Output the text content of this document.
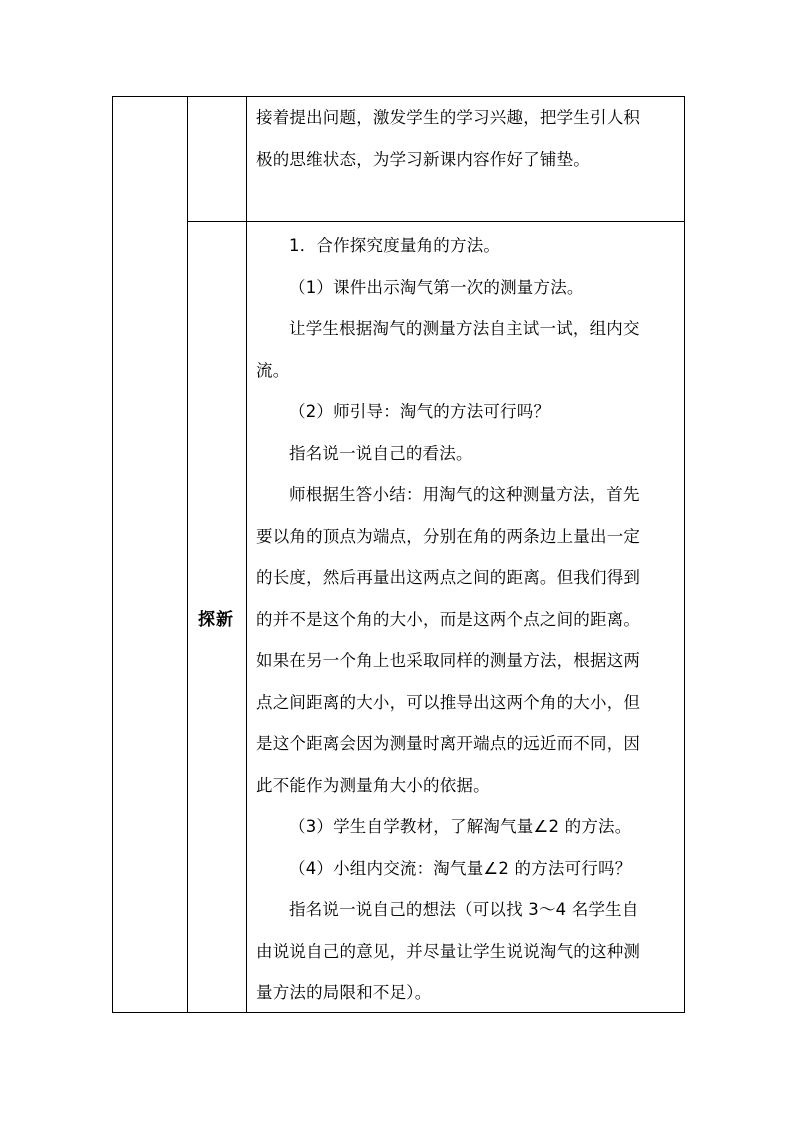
接着提出问题，激发学生的学习兴趣，把学生引人积

极的思维状态，为学习新课内容作好了铺垫。

探新

1．合作探究度量角的方法。

（1）课件出示淘气第一次的测量方法。

让学生根据淘气的测量方法自主试一试，组内交

流。

（2）师引导：淘气的方法可行吗？

指名说一说自己的看法。

师根据生答小结：用淘气的这种测量方法，首先

要以角的顶点为端点，分别在角的两条边上量出一定

的长度，然后再量出这两点之间的距离。但我们得到

的并不是这个角的大小，而是这两个点之间的距离。

如果在另一个角上也采取同样的测量方法，根据这两

点之间距离的大小，可以推导出这两个角的大小，但

是这个距离会因为测量时离开端点的远近而不同，因

此不能作为测量角大小的依据。

（3）学生自学教材，了解淘气量∠2 的方法。

（4）小组内交流：淘气量∠2 的方法可行吗？

指名说一说自己的想法（可以找 3～4 名学生自

由说说自己的意见，并尽量让学生说说淘气的这种测

量方法的局限和不足）。
